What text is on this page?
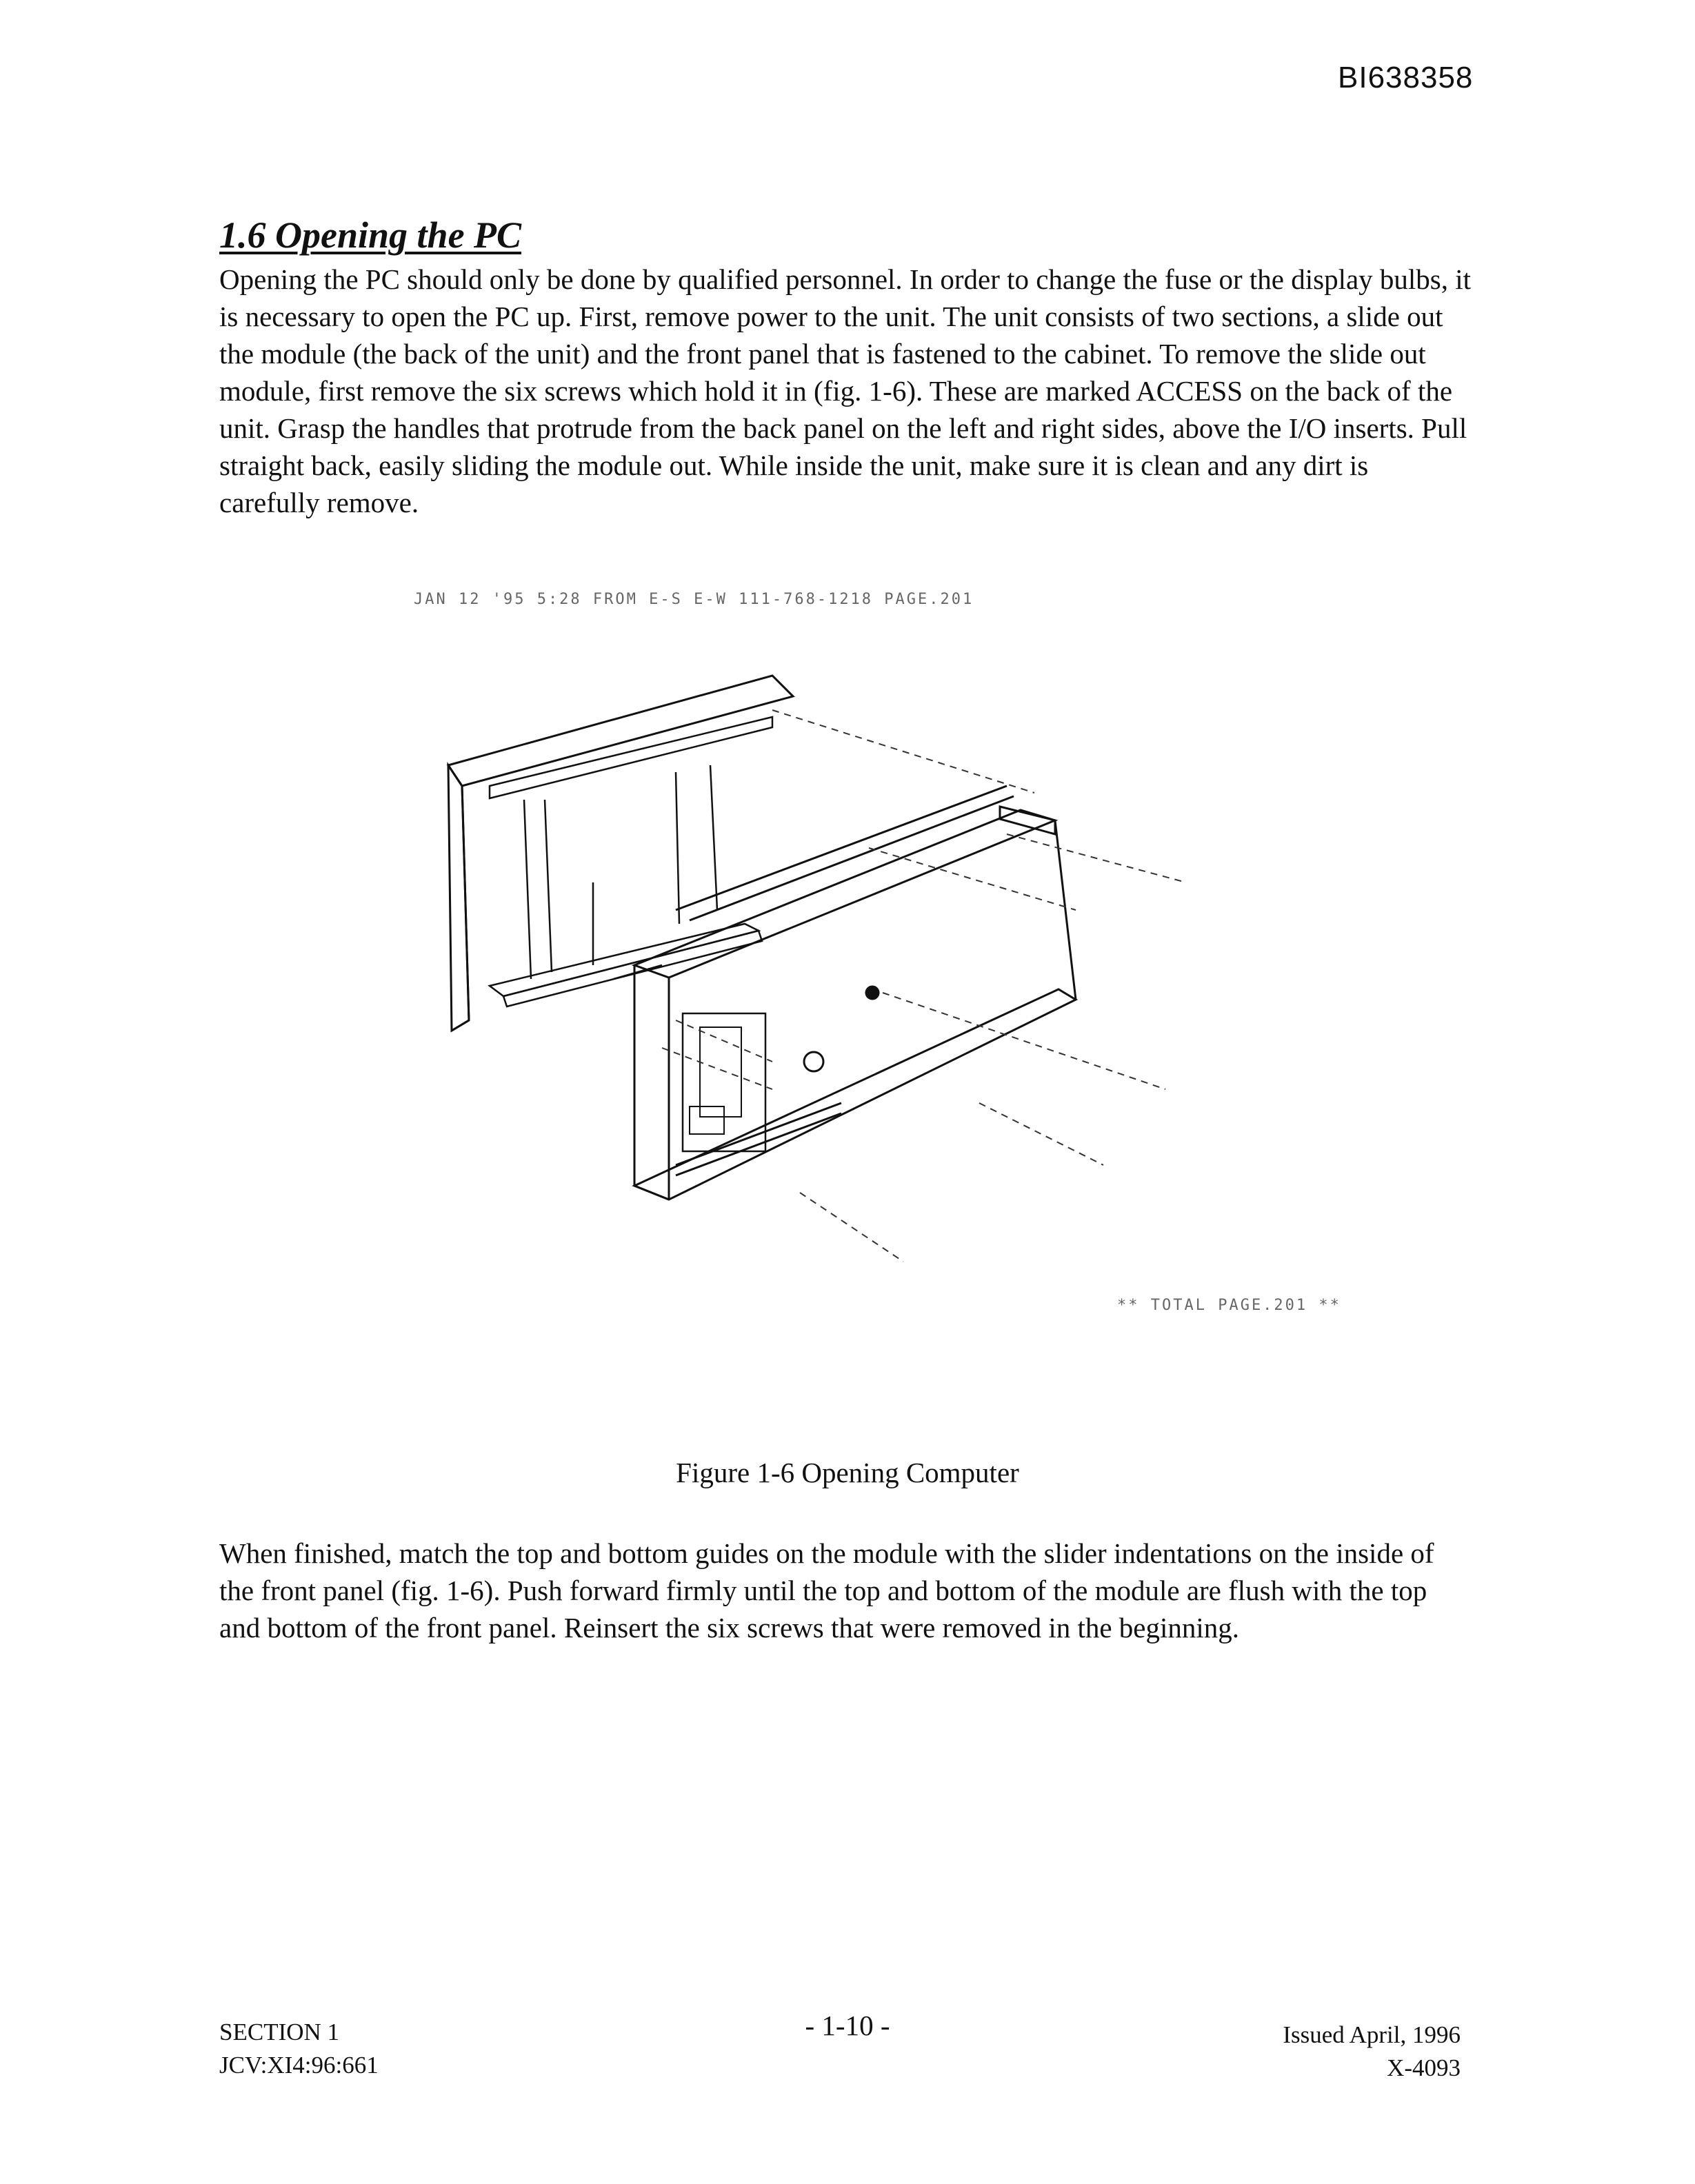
BI638358
1.6 Opening the PC

Opening the PC should only be done by qualified personnel. In order to change the fuse or the display bulbs, it is necessary to open the PC up. First, remove power to the unit. The unit consists of two sections, a slide out the module (the back of the unit) and the front panel that is fastened to the cabinet. To remove the slide out module, first remove the six screws which hold it in (fig. 1-6). These are marked ACCESS on the back of the unit. Grasp the handles that protrude from the back panel on the left and right sides, above the I/O inserts. Pull straight back, easily sliding the module out. While inside the unit, make sure it is clean and any dirt is carefully remove.

JAN 12 '95 5:28 FROM E-S E-W 111-768-1218 PAGE.201
** TOTAL PAGE.201 **
Figure 1-6 Opening Computer

When finished, match the top and bottom guides on the module with the slider indentations on the inside of the front panel (fig. 1-6). Push forward firmly until the top and bottom of the module are flush with the top and bottom of the front panel. Reinsert the six screws that were removed in the beginning.

SECTION 1
JCV:XI4:96:661
- 1-10 -	Issued April, 1996
X-4093
